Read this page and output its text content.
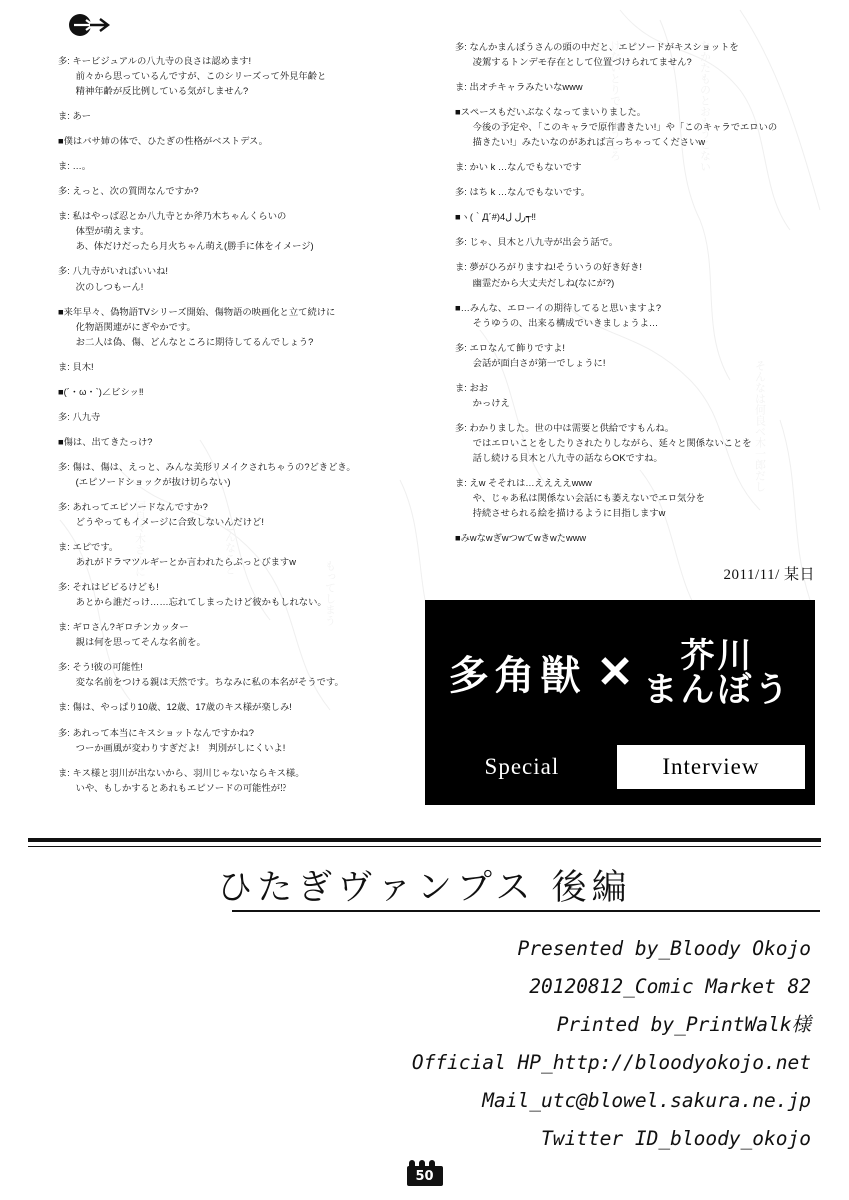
けないとりでしまうしろ	なかたものとおもうこない
そんなは何良べ木一郎だし
阿良々木さんに	どんなこと
もってしまう
多: キービジュアルの八九寺の良さは認めます!
前々から思っているんですが、このシリーズって外見年齢と
精神年齢が反比例している気がしません?
ま: あー
■僕はバサ姉の体で、ひたぎの性格がベストデス。
ま: …。
多: えっと、次の質問なんですか?
ま: 私はやっぱ忍とか八九寺とか斧乃木ちゃんくらいの
体型が萌えます。
あ、体だけだったら月火ちゃん萌え(勝手に体をイメージ)
多: 八九寺がいればいいね!
次のしつもーん!
■来年早々、偽物語TVシリーズ開始、傷物語の映画化と立て続けに
化物語関連がにぎやかです。
お二人は偽、傷、どんなところに期待してるんでしょう?
ま: 貝木!
■(´・ω・`)∠ビシッ‼
多: 八九寺
■傷は、出てきたっけ?
多: 傷は、傷は、えっと、みんな美形リメイクされちゃうの?どきどき。
(エピソードショックが抜け切らない)
多: あれってエピソードなんですか?
どうやってもイメージに合致しないんだけど!
ま: エピです。
あれがドラマツルギーとか言われたらぶっとびますw
多: それはビビるけども!
あとから誰だっけ……忘れてしまったけど彼かもしれない。
ま: ギロさん?ギロチンカッター
親は何を思ってそんな名前を。
多: そう!彼の可能性!
変な名前をつける親は天然です。ちなみに私の本名がそうです。
ま: 傷は、やっぱり10歳、12歳、17歳のキス様が楽しみ!
多: あれって本当にキスショットなんですかね?
つーか画風が変わりすぎだよ!　判別がしにくいよ!
ま: キス様と羽川が出ないから、羽川じゃないならキス様。
いや、もしかするとあれもエピソードの可能性が⁉
多: なんかまんぼうさんの頭の中だと、エピソードがキスショットを
凌駕するトンデモ存在として位置づけられてません?
ま: 出オチキャラみたいなwww
■スペースもだいぶなくなってまいりました。
今後の予定や、「このキャラで原作書きたい!」や「このキャラでエロいの
描きたい!」みたいなのがあれば言っちゃってくださいw
ま: かい k …なんでもないです
多: はち k …なんでもないです。
■ヽ(｀Д´#)ﺭﻝ ﻝ4┭‼
多: じゃ、貝木と八九寺が出会う話で。
ま: 夢がひろがりますね!そういうの好き好き!
幽霊だから大丈夫だしね(なにが?)
■…みんな、エローイの期待してると思いますよ?
そうゆうの、出来る構成でいきましょうよ…
多: エロなんて飾りですよ!
会話が面白さが第一でしょうに!
ま: おお
かっけえ
多: わかりました。世の中は需要と供給ですもんね。
ではエロいことをしたりされたりしながら、延々と関係ないことを
話し続ける貝木と八九寺の話ならOKですね。
ま: えw そそれは…ええええwww
や、じゃあ私は関係ない会話にも萎えないでエロ気分を
持続させられる絵を描けるように目指しますw
■みwなwぎwつwてwきwたwww
2011/11/ 某日
多角獣 ✕ 芥川
まんぼう
Special	Interview
ひたぎヴァンプス 後編
Presented by_Bloody Okojo
20120812_Comic Market 82
Printed by_PrintWalk様
Official HP_http://bloodyokojo.net
Mail_utc@blowel.sakura.ne.jp
Twitter ID_bloody_okojo
50
